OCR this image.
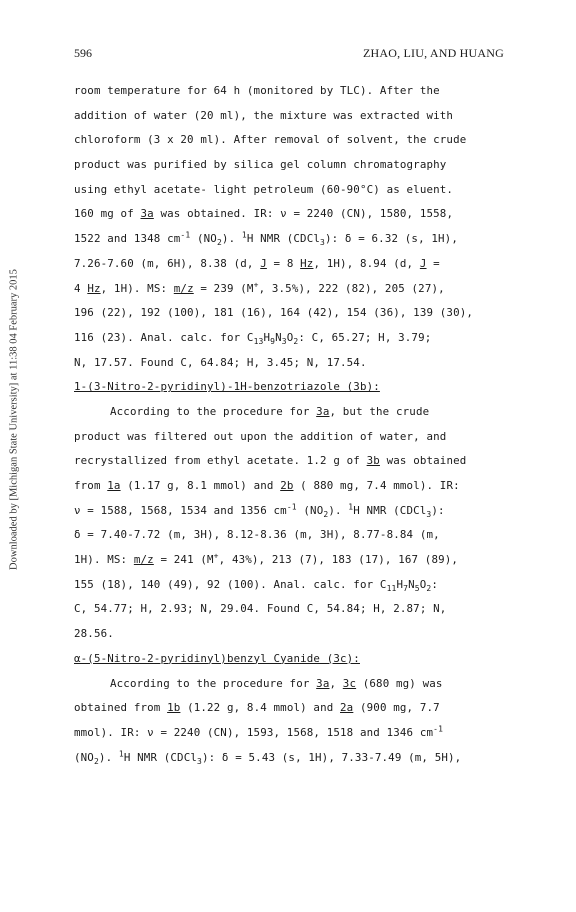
596	ZHAO, LIU, AND HUANG
Downloaded by [Michigan State University] at 11:38 04 February 2015
room temperature for 64 h (monitored by TLC). After the
addition of water (20 ml), the mixture was extracted with
chloroform (3 x 20 ml). After removal of solvent, the crude
product was purified by silica gel column chromatography
using ethyl acetate- light petroleum (60-90°C) as eluent.
160 mg of 3a was obtained. IR: ν = 2240 (CN), 1580, 1558,
1522 and 1348 $cm^{-1}$ $(NO_2)$. $^1$H NMR (CDCl$_3$): δ = 6.32 (s, 1H),
7.26-7.60 (m, 6H), 8.38 (d, J = 8 Hz, 1H), 8.94 (d, J =
4 Hz, 1H). MS: m/z = 239 (M+, 3.5%), 222 (82), 205 (27),
196 (22), 192 (100), 181 (16), 164 (42), 154 (36), 139 (30),
116 (23). Anal. calc. for $C_{13}H_9N_3O_2$: C, 65.27; H, 3.79;
N, 17.57. Found C, 64.84; H, 3.45; N, 17.54.
1-(3-Nitro-2-pyridinyl)-1H-benzotriazole (3b):
According to the procedure for 3a, but the crude
product was filtered out upon the addition of water, and
recrystallized from ethyl acetate. 1.2 g of 3b was obtained
from 1a (1.17 g, 8.1 mmol) and 2b ( 880 mg, 7.4 mmol). IR:
ν = 1588, 1568, 1534 and 1356 $cm^{-1}$ $(NO_2)$. $^1$H NMR (CDCl$_3$):
δ = 7.40-7.72 (m, 3H), 8.12-8.36 (m, 3H), 8.77-8.84 (m,
1H). MS: m/z = 241 (M+, 43%), 213 (7), 183 (17), 167 (89),
155 (18), 140 (49), 92 (100). Anal. calc. for $C_{11}H_7N_5O_2$:
C, 54.77; H, 2.93; N, 29.04. Found C, 54.84; H, 2.87; N,
28.56.
α-(5-Nitro-2-pyridinyl)benzyl Cyanide (3c):
According to the procedure for 3a, 3c (680 mg) was
obtained from 1b (1.22 g, 8.4 mmol) and 2a (900 mg, 7.7
mmol). IR: ν = 2240 (CN), 1593, 1568, 1518 and 1346 $cm^{-1}$
$(NO_2)$. $^1$H NMR (CDCl$_3$): δ = 5.43 (s, 1H), 7.33-7.49 (m, 5H),
